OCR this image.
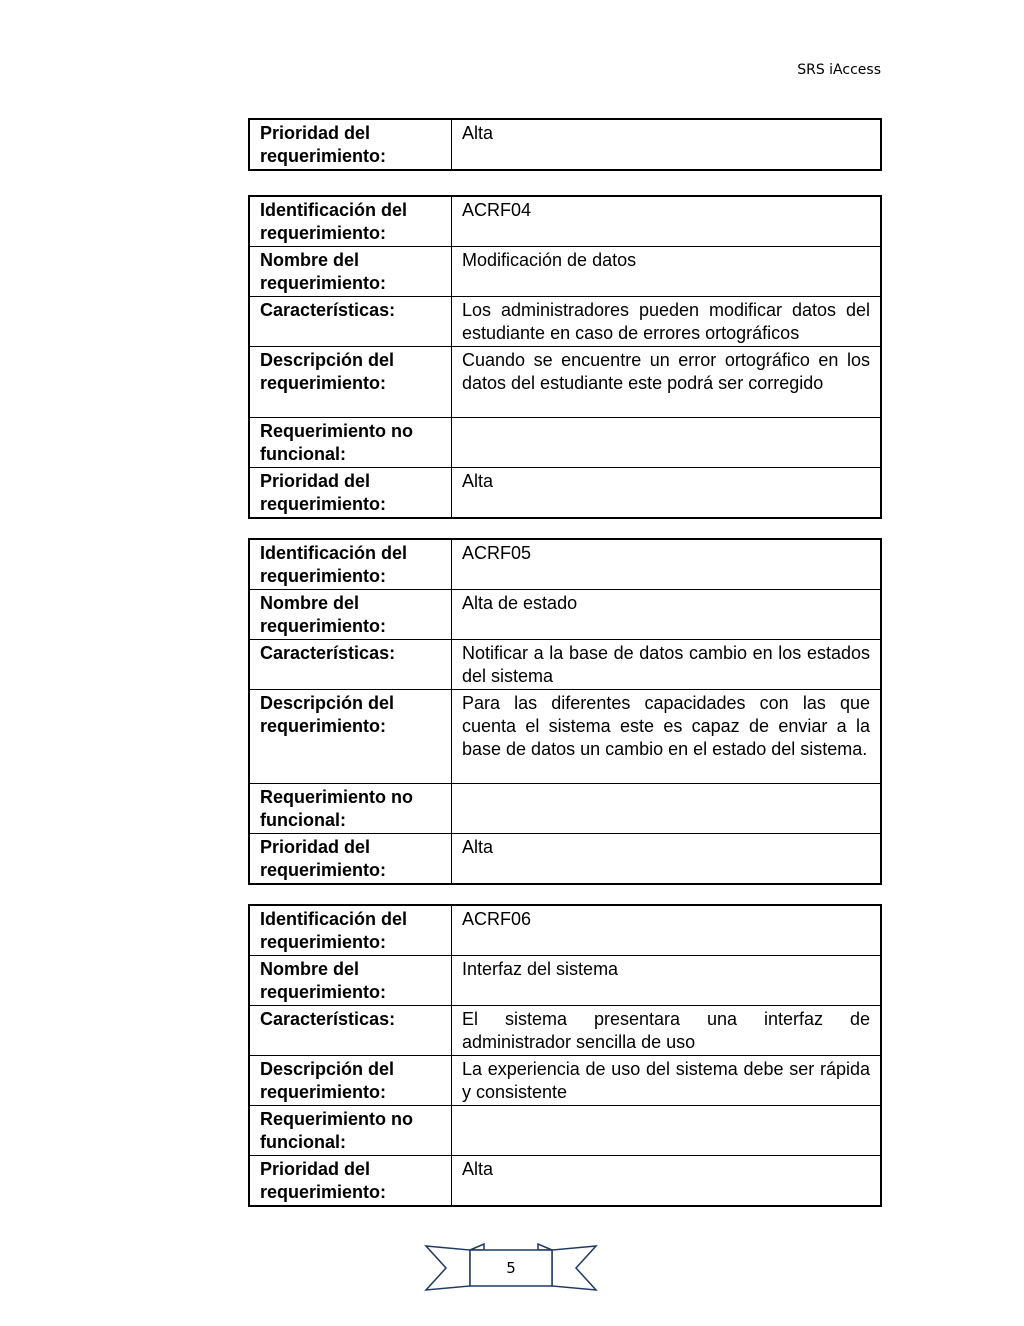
SRS iAccess
Prioridad del requerimiento:	Alta
Identificación del requerimiento:	ACRF04
Nombre del requerimiento:	Modificación de datos
Características:	Los administradores pueden modificar datos del estudiante en caso de errores ortográficos
Descripción del requerimiento:	Cuando se encuentre un error ortográfico en los datos del estudiante este podrá ser corregido
Requerimiento no funcional:	
Prioridad del requerimiento:	Alta
Identificación del requerimiento:	ACRF05
Nombre del requerimiento:	Alta de estado
Características:	Notificar a la base de datos cambio en los estados del sistema
Descripción del requerimiento:	Para las diferentes capacidades con las que cuenta el sistema este es capaz de enviar a la base de datos un cambio en el estado del sistema.
Requerimiento no funcional:	
Prioridad del requerimiento:	Alta
Identificación del requerimiento:	ACRF06
Nombre del requerimiento:	Interfaz del sistema
Características:	El sistema presentara una interfaz de administrador sencilla de uso
Descripción del requerimiento:	La experiencia de uso del sistema debe ser rápida y consistente
Requerimiento no funcional:	
Prioridad del requerimiento:	Alta
5
